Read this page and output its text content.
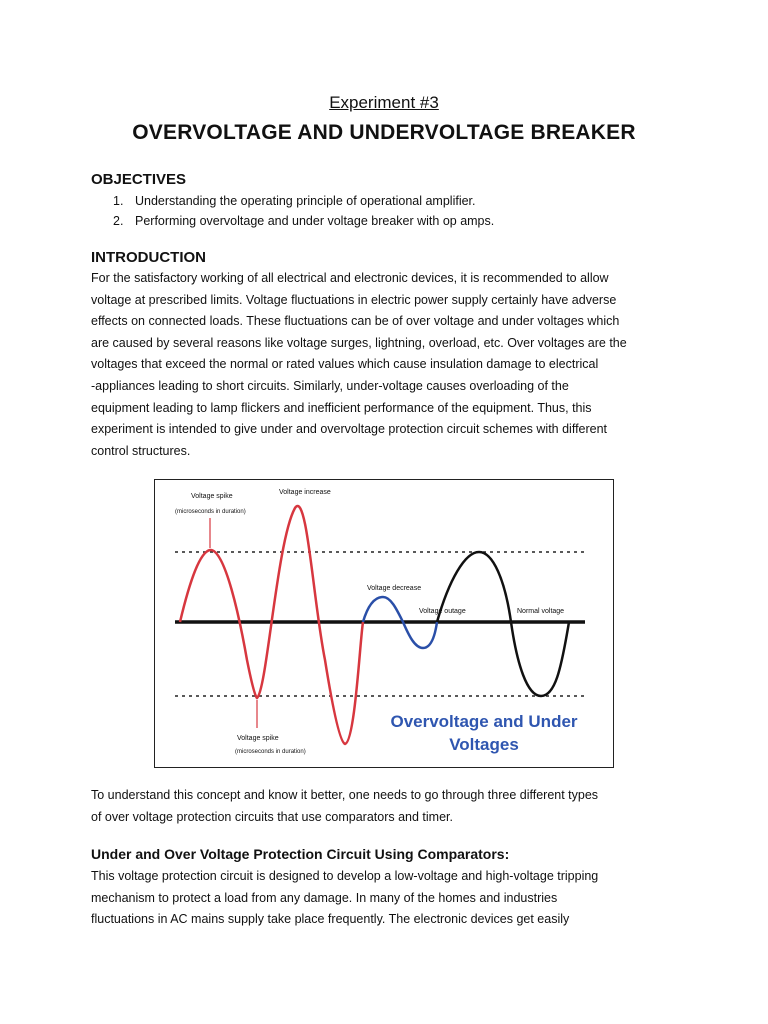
Experiment #3
OVERVOLTAGE AND UNDERVOLTAGE BREAKER
OBJECTIVES
1. Understanding the operating principle of operational amplifier.
2. Performing overvoltage and under voltage breaker with op amps.
INTRODUCTION

For the satisfactory working of all electrical and electronic devices, it is recommended to allow
voltage at prescribed limits. Voltage fluctuations in electric power supply certainly have adverse
effects on connected loads. These fluctuations can be of over voltage and under voltages which
are caused by several reasons like voltage surges, lightning, overload, etc. Over voltages are the
voltages that exceed the normal or rated values which cause insulation damage to electrical
-appliances leading to short circuits. Similarly, under-voltage causes overloading of the
equipment leading to lamp flickers and inefficient performance of the equipment. Thus, this
experiment is intended to give under and overvoltage protection circuit schemes with different
control structures.

Voltage spike
(microseconds in duration)
Voltage increase
Voltage decrease
Voltage outage	Normal voltage
Voltage spike
(microseconds in duration)
Overvoltage and Under
Voltages

To understand this concept and know it better, one needs to go through three different types
of over voltage protection circuits that use comparators and timer.

Under and Over Voltage Protection Circuit Using Comparators:

This voltage protection circuit is designed to develop a low-voltage and high-voltage tripping
mechanism to protect a load from any damage. In many of the homes and industries
fluctuations in AC mains supply take place frequently. The electronic devices get easily
